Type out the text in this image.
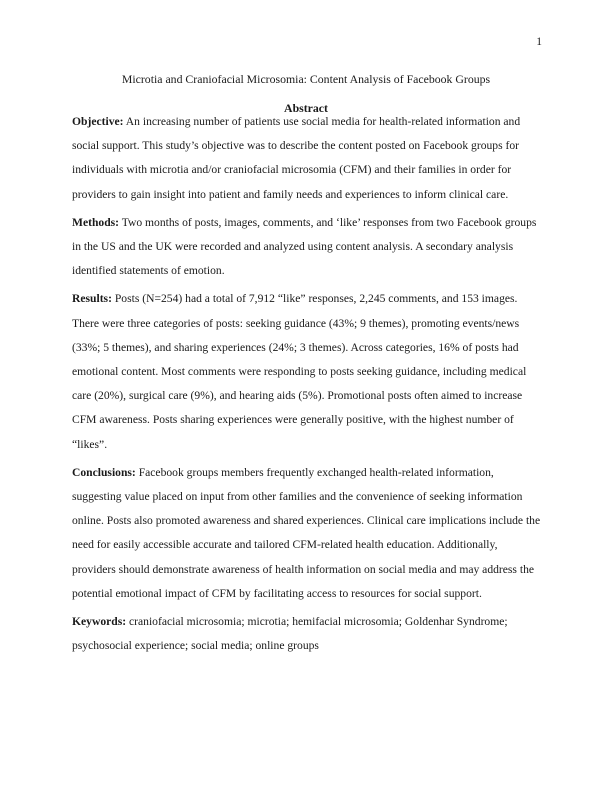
1
Microtia and Craniofacial Microsomia: Content Analysis of Facebook Groups
Abstract

Objective: An increasing number of patients use social media for health-related information and social support. This study’s objective was to describe the content posted on Facebook groups for individuals with microtia and/or craniofacial microsomia (CFM) and their families in order for providers to gain insight into patient and family needs and experiences to inform clinical care.

Methods: Two months of posts, images, comments, and ‘like’ responses from two Facebook groups in the US and the UK were recorded and analyzed using content analysis. A secondary analysis identified statements of emotion.

Results: Posts (N=254) had a total of 7,912 “like” responses, 2,245 comments, and 153 images. There were three categories of posts: seeking guidance (43%; 9 themes), promoting events/news (33%; 5 themes), and sharing experiences (24%; 3 themes). Across categories, 16% of posts had emotional content. Most comments were responding to posts seeking guidance, including medical care (20%), surgical care (9%), and hearing aids (5%). Promotional posts often aimed to increase CFM awareness. Posts sharing experiences were generally positive, with the highest number of “likes”.

Conclusions: Facebook groups members frequently exchanged health-related information, suggesting value placed on input from other families and the convenience of seeking information online. Posts also promoted awareness and shared experiences. Clinical care implications include the need for easily accessible accurate and tailored CFM-related health education. Additionally, providers should demonstrate awareness of health information on social media and may address the potential emotional impact of CFM by facilitating access to resources for social support.

Keywords: craniofacial microsomia; microtia; hemifacial microsomia; Goldenhar Syndrome; psychosocial experience; social media; online groups
